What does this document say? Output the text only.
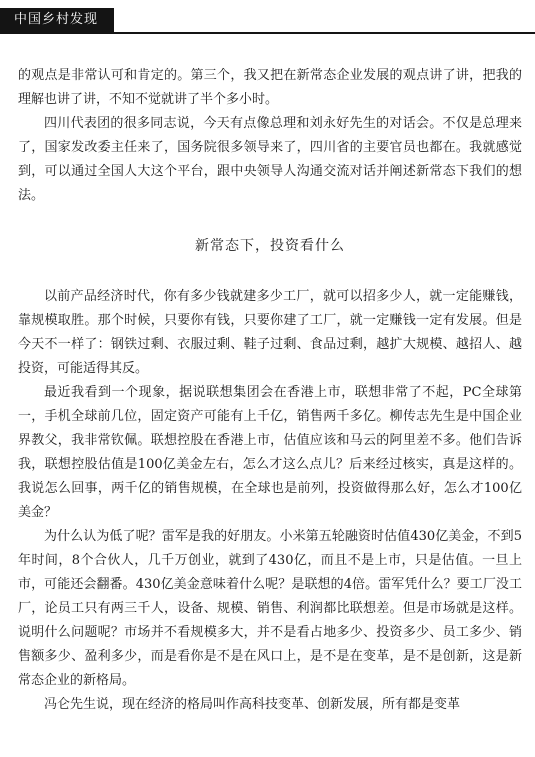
中国乡村发现

的观点是非常认可和肯定的。第三个，我又把在新常态企业发展的观点讲了讲，把我的理解也讲了讲，不知不觉就讲了半个多小时。

四川代表团的很多同志说，今天有点像总理和刘永好先生的对话会。不仅是总理来了，国家发改委主任来了，国务院很多领导来了，四川省的主要官员也都在。我就感觉到，可以通过全国人大这个平台，跟中央领导人沟通交流对话并阐述新常态下我们的想法。

新常态下，投资看什么

以前产品经济时代，你有多少钱就建多少工厂，就可以招多少人，就一定能赚钱，靠规模取胜。那个时候，只要你有钱，只要你建了工厂，就一定赚钱一定有发展。但是今天不一样了：钢铁过剩、衣服过剩、鞋子过剩、食品过剩，越扩大规模、越招人、越投资，可能适得其反。

最近我看到一个现象，据说联想集团会在香港上市，联想非常了不起，PC全球第一，手机全球前几位，固定资产可能有上千亿，销售两千多亿。柳传志先生是中国企业界教父，我非常钦佩。联想控股在香港上市，估值应该和马云的阿里差不多。他们告诉我，联想控股估值是100亿美金左右，怎么才这么点儿？后来经过核实，真是这样的。我说怎么回事，两千亿的销售规模，在全球也是前列，投资做得那么好，怎么才100亿美金？

为什么认为低了呢？雷军是我的好朋友。小米第五轮融资时估值430亿美金，不到5年时间，8个合伙人，几千万创业，就到了430亿，而且不是上市，只是估值。一旦上市，可能还会翻番。430亿美金意味着什么呢？是联想的4倍。雷军凭什么？要工厂没工厂，论员工只有两三千人，设备、规模、销售、利润都比联想差。但是市场就是这样。说明什么问题呢？市场并不看规模多大，并不是看占地多少、投资多少、员工多少、销售额多少、盈利多少，而是看你是不是在风口上，是不是在变革，是不是创新，这是新常态企业的新格局。

冯仑先生说，现在经济的格局叫作高科技变革、创新发展，所有都是变革
